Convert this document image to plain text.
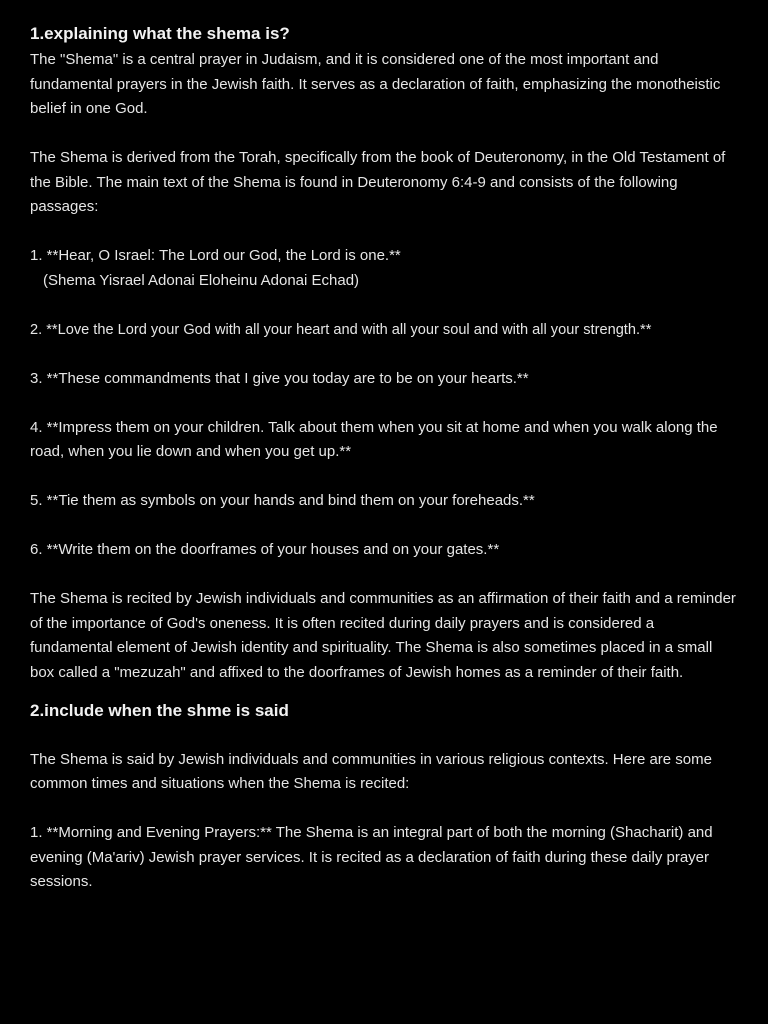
1.explaining what the shema is?

The "Shema" is a central prayer in Judaism, and it is considered one of the most important and fundamental prayers in the Jewish faith. It serves as a declaration of faith, emphasizing the monotheistic belief in one God.

The Shema is derived from the Torah, specifically from the book of Deuteronomy, in the Old Testament of the Bible. The main text of the Shema is found in Deuteronomy 6:4-9 and consists of the following passages:

1. **Hear, O Israel: The Lord our God, the Lord is one.**
(Shema Yisrael Adonai Eloheinu Adonai Echad)

2. **Love the Lord your God with all your heart and with all your soul and with all your strength.**

3. **These commandments that I give you today are to be on your hearts.**

4. **Impress them on your children. Talk about them when you sit at home and when you walk along the road, when you lie down and when you get up.**

5. **Tie them as symbols on your hands and bind them on your foreheads.**

6. **Write them on the doorframes of your houses and on your gates.**

The Shema is recited by Jewish individuals and communities as an affirmation of their faith and a reminder of the importance of God's oneness. It is often recited during daily prayers and is considered a fundamental element of Jewish identity and spirituality. The Shema is also sometimes placed in a small box called a "mezuzah" and affixed to the doorframes of Jewish homes as a reminder of their faith.

2.include when the shme is said

The Shema is said by Jewish individuals and communities in various religious contexts. Here are some common times and situations when the Shema is recited:

1. **Morning and Evening Prayers:** The Shema is an integral part of both the morning (Shacharit) and evening (Ma'ariv) Jewish prayer services. It is recited as a declaration of faith during these daily prayer sessions.
